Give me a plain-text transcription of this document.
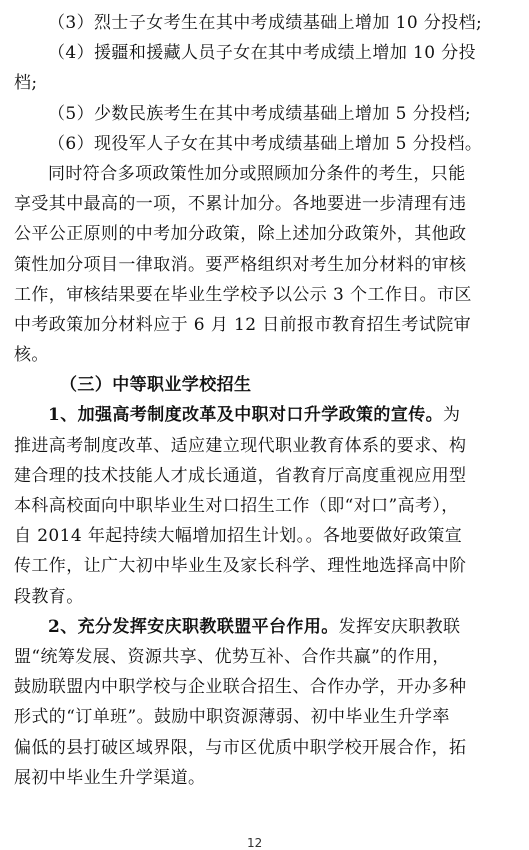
（3）烈士子女考生在其中考成绩基础上增加 10 分投档;
（4）援疆和援藏人员子女在其中考成绩上增加 10 分投
档;
（5）少数民族考生在其中考成绩基础上增加 5 分投档;
（6）现役军人子女在其中考成绩基础上增加 5 分投档。
同时符合多项政策性加分或照顾加分条件的考生，只能
享受其中最高的一项，不累计加分。各地要进一步清理有违
公平公正原则的中考加分政策，除上述加分政策外，其他政
策性加分项目一律取消。要严格组织对考生加分材料的审核
工作，审核结果要在毕业生学校予以公示 3 个工作日。市区
中考政策加分材料应于 6 月 12 日前报市教育招生考试院审
核。
（三）中等职业学校招生
1、加强高考制度改革及中职对口升学政策的宣传。为
推进高考制度改革、适应建立现代职业教育体系的要求、构
建合理的技术技能人才成长通道，省教育厅高度重视应用型
本科高校面向中职毕业生对口招生工作（即“对口”高考），
自 2014 年起持续大幅增加招生计划。。各地要做好政策宣
传工作，让广大初中毕业生及家长科学、理性地选择高中阶
段教育。
2、充分发挥安庆职教联盟平台作用。发挥安庆职教联
盟“统筹发展、资源共享、优势互补、合作共赢”的作用，
鼓励联盟内中职学校与企业联合招生、合作办学，开办多种
形式的“订单班”。鼓励中职资源薄弱、初中毕业生升学率
偏低的县打破区域界限，与市区优质中职学校开展合作，拓
展初中毕业生升学渠道。
12
